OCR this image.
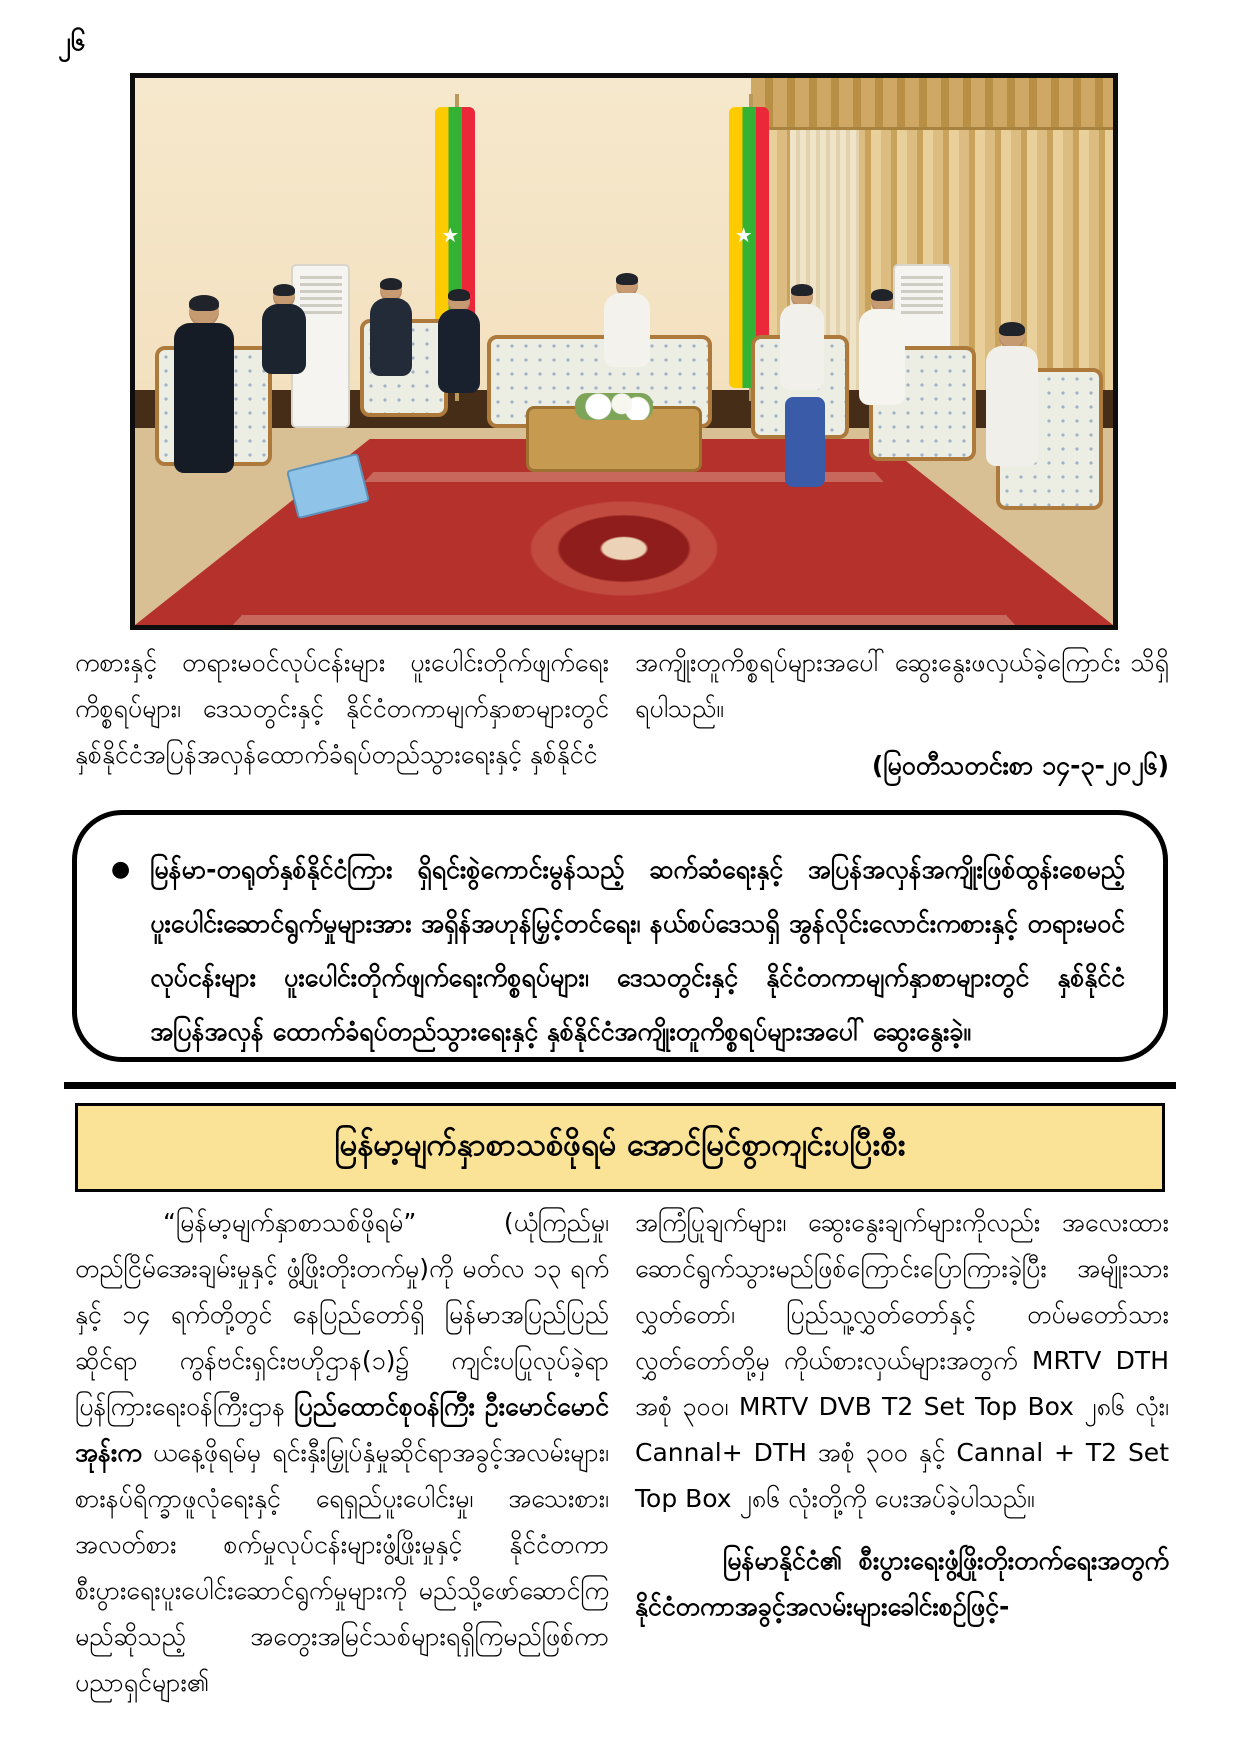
၂၆
★	★

ကစားနှင့် တရားမဝင်လုပ်ငန်းများ ပူးပေါင်းတိုက်ဖျက်ရေး ကိစ္စရပ်များ၊ ဒေသတွင်းနှင့် နိုင်ငံတကာမျက်နှာစာများတွင် နှစ်နိုင်ငံအပြန်အလှန်ထောက်ခံရပ်တည်သွားရေးနှင့် နှစ်နိုင်ငံ

အကျိုးတူကိစ္စရပ်များအပေါ် ဆွေးနွေးဖလှယ်ခဲ့ကြောင်း သိရှိရပါသည်။

(မြဝတီသတင်းစာ ၁၄-၃-၂၀၂၆)

● မြန်မာ-တရုတ်နှစ်နိုင်ငံကြား ရှိရင်းစွဲကောင်းမွန်သည့် ဆက်ဆံရေးနှင့် အပြန်အလှန်အကျိုးဖြစ်ထွန်းစေမည့် ပူးပေါင်းဆောင်ရွက်မှုများအား အရှိန်အဟုန်မြှင့်တင်ရေး၊ နယ်စပ်ဒေသရှိ အွန်လိုင်းလောင်းကစားနှင့် တရားမဝင် လုပ်ငန်းများ ပူးပေါင်းတိုက်ဖျက်ရေးကိစ္စရပ်များ၊ ဒေသတွင်းနှင့် နိုင်ငံတကာမျက်နှာစာများတွင် နှစ်နိုင်ငံအပြန်အလှန် ထောက်ခံရပ်တည်သွားရေးနှင့် နှစ်နိုင်ငံအကျိုးတူကိစ္စရပ်များအပေါ် ဆွေးနွေးခဲ့။

မြန်မာ့မျက်နှာစာသစ်ဖိုရမ် အောင်မြင်စွာကျင်းပပြီးစီး

“မြန်မာ့မျက်နှာစာသစ်ဖိုရမ်” (ယုံကြည်မှု၊ တည်ငြိမ်အေးချမ်းမှုနှင့် ဖွံ့ဖြိုးတိုးတက်မှု)ကို မတ်လ ၁၃ ရက်နှင့် ၁၄ ရက်တို့တွင် နေပြည်တော်ရှိ မြန်မာအပြည်ပြည်ဆိုင်ရာ ကွန်ဗင်းရှင်းဗဟိုဌာန(၁)၌ ကျင်းပပြုလုပ်ခဲ့ရာ ပြန်ကြားရေးဝန်ကြီးဌာန ပြည်ထောင်စုဝန်ကြီး ဦးမောင်မောင်အုန်းက ယနေ့ဖိုရမ်မှ ရင်းနှီးမြှုပ်နှံမှုဆိုင်ရာအခွင့်အလမ်းများ၊ စားနပ်ရိက္ခာဖူလုံရေးနှင့် ရေရှည်ပူးပေါင်းမှု၊ အသေးစား၊ အလတ်စား စက်မှုလုပ်ငန်းများဖွံ့ဖြိုးမှုနှင့် နိုင်ငံတကာစီးပွားရေးပူးပေါင်းဆောင်ရွက်မှုများကို မည်သို့ဖော်ဆောင်ကြမည်ဆိုသည့် အတွေးအမြင်သစ်များရရှိကြမည်ဖြစ်ကာ ပညာရှင်များ၏

အကြံပြုချက်များ၊ ဆွေးနွေးချက်များကိုလည်း အလေးထား ဆောင်ရွက်သွားမည်ဖြစ်ကြောင်းပြောကြားခဲ့ပြီး အမျိုးသားလွှတ်တော်၊ ပြည်သူ့လွှတ်တော်နှင့် တပ်မတော်သားလွှတ်တော်တို့မှ ကိုယ်စားလှယ်များအတွက် MRTV DTH အစုံ ၃၀၀၊ MRTV DVB T2 Set Top Box ၂၈၆ လုံး၊ Cannal+ DTH အစုံ ၃၀၀ နှင့် Cannal + T2 Set Top Box ၂၈၆ လုံးတို့ကို ပေးအပ်ခဲ့ပါသည်။

မြန်မာနိုင်ငံ၏ စီးပွားရေးဖွံ့ဖြိုးတိုးတက်ရေးအတွက် နိုင်ငံတကာအခွင့်အလမ်းများခေါင်းစဉ်ဖြင့်-
